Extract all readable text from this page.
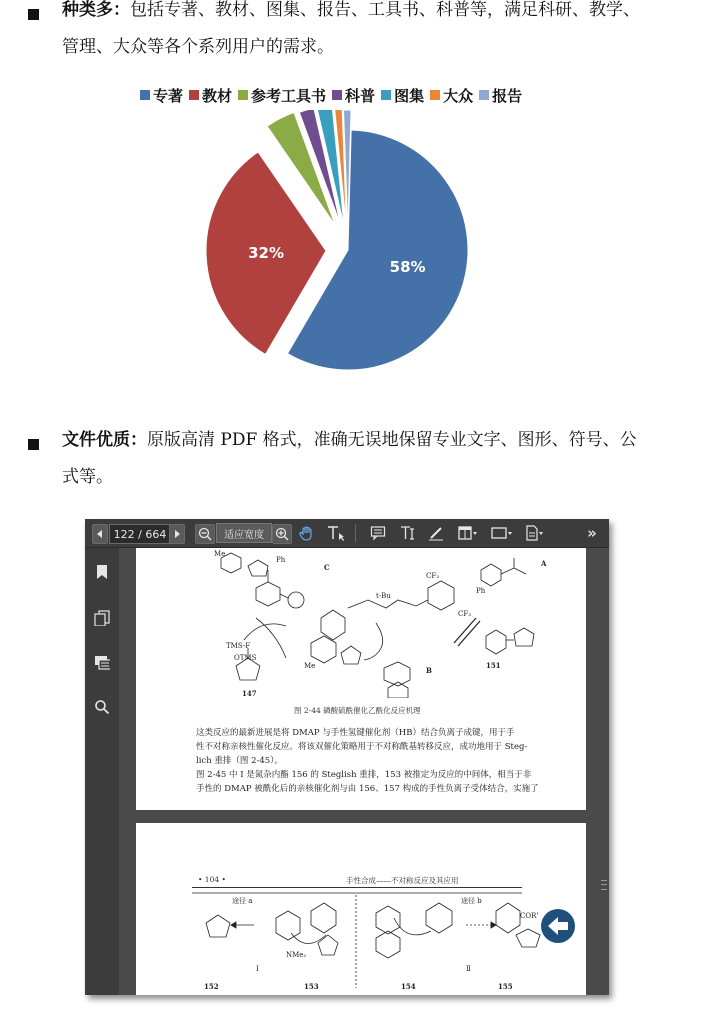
种类多：包括专著、教材、图集、报告、工具书、科普等，满足科研、教学、
管理、大众等各个系列用户的需求。
专著 教材 参考工具书 科普 图集 大众 报告
58%
32%
文件优质：原版高清 PDF 格式，准确无误地保留专业文字、图形、符号、公
式等。
122 / 664	适应宽度	»
Me
Ph
C
TMS-F
OTMS
147
Me
t-Bu
CF₃
CF₃
B
151
Ph
A
图 2-44 磷酸硫酰催化乙酰化反应机理
这类反应的最新进展是将 DMAP 与手性氢键催化剂（HB）结合负离子成键，用于手
性不对称亲核性催化反应。将该双催化策略用于不对称酰基转移反应，成功地用于 Steg-
lich 重排（图 2-45）。
图 2-45 中 Ⅰ 是氮杂内酯 156 的 Steglish 重排，153 被推定为反应的中间体，相当于非
手性的 DMAP 被酰化后的亲核催化剂与由 156、157 构成的手性负离子受体结合，实施了
• 104 •	手性合成——不对称反应及其应用
途径 a	途径 b
NMe₂
COR'
Ⅰ	Ⅱ
152	153	154	155
